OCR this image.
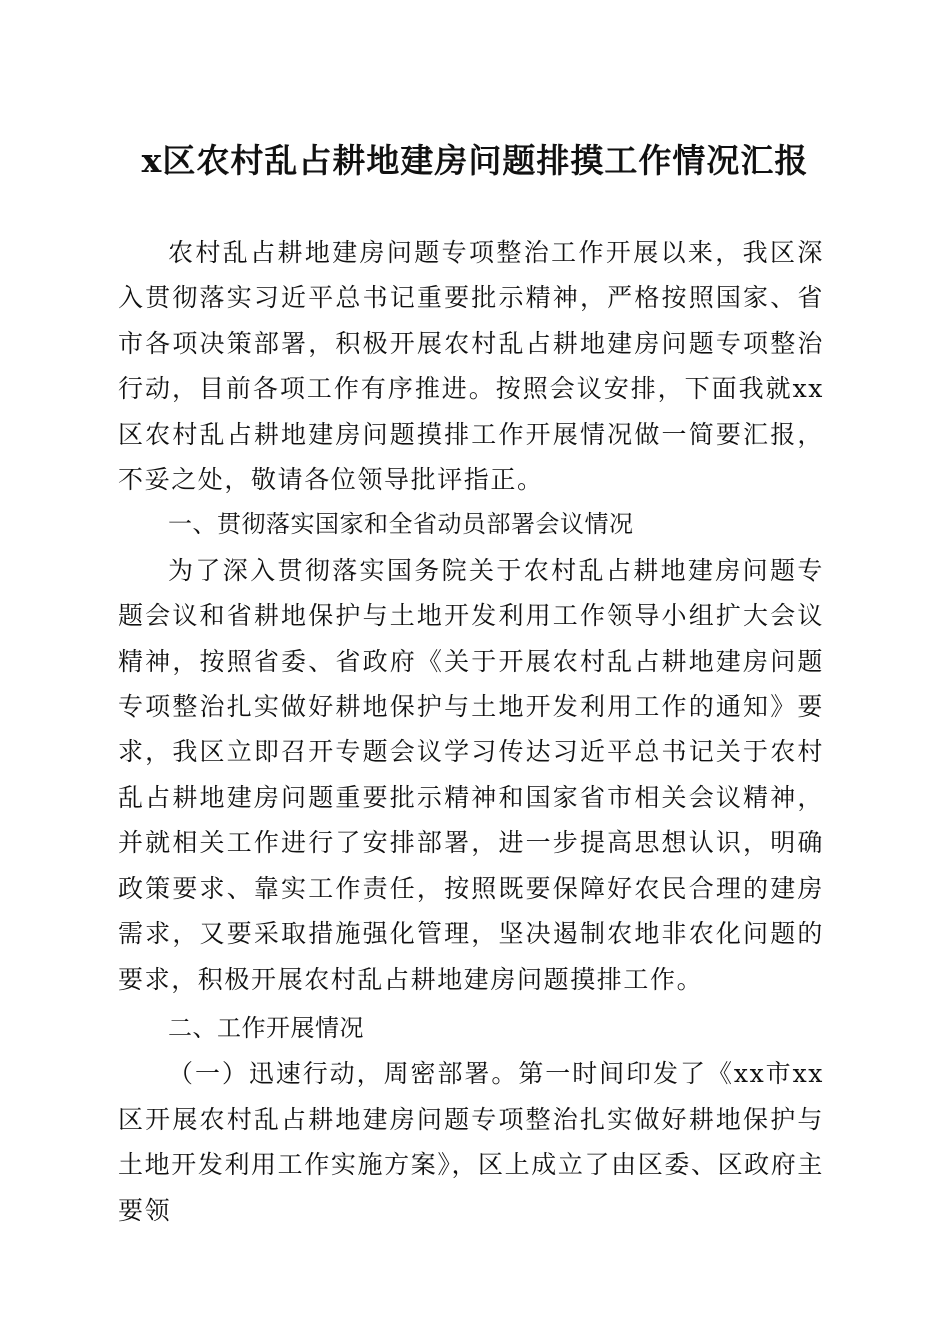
x区农村乱占耕地建房问题排摸工作情况汇报

农村乱占耕地建房问题专项整治工作开展以来，我区深入贯彻落实习近平总书记重要批示精神，严格按照国家、省市各项决策部署，积极开展农村乱占耕地建房问题专项整治行动，目前各项工作有序推进。按照会议安排，下面我就xx区农村乱占耕地建房问题摸排工作开展情况做一简要汇报，不妥之处，敬请各位领导批评指正。

一、贯彻落实国家和全省动员部署会议情况

为了深入贯彻落实国务院关于农村乱占耕地建房问题专题会议和省耕地保护与土地开发利用工作领导小组扩大会议精神，按照省委、省政府《关于开展农村乱占耕地建房问题专项整治扎实做好耕地保护与土地开发利用工作的通知》要求，我区立即召开专题会议学习传达习近平总书记关于农村乱占耕地建房问题重要批示精神和国家省市相关会议精神，并就相关工作进行了安排部署，进一步提高思想认识，明确政策要求、靠实工作责任，按照既要保障好农民合理的建房需求，又要采取措施强化管理，坚决遏制农地非农化问题的要求，积极开展农村乱占耕地建房问题摸排工作。

二、工作开展情况

（一）迅速行动，周密部署。第一时间印发了《xx市xx区开展农村乱占耕地建房问题专项整治扎实做好耕地保护与土地开发利用工作实施方案》，区上成立了由区委、区政府主要领
